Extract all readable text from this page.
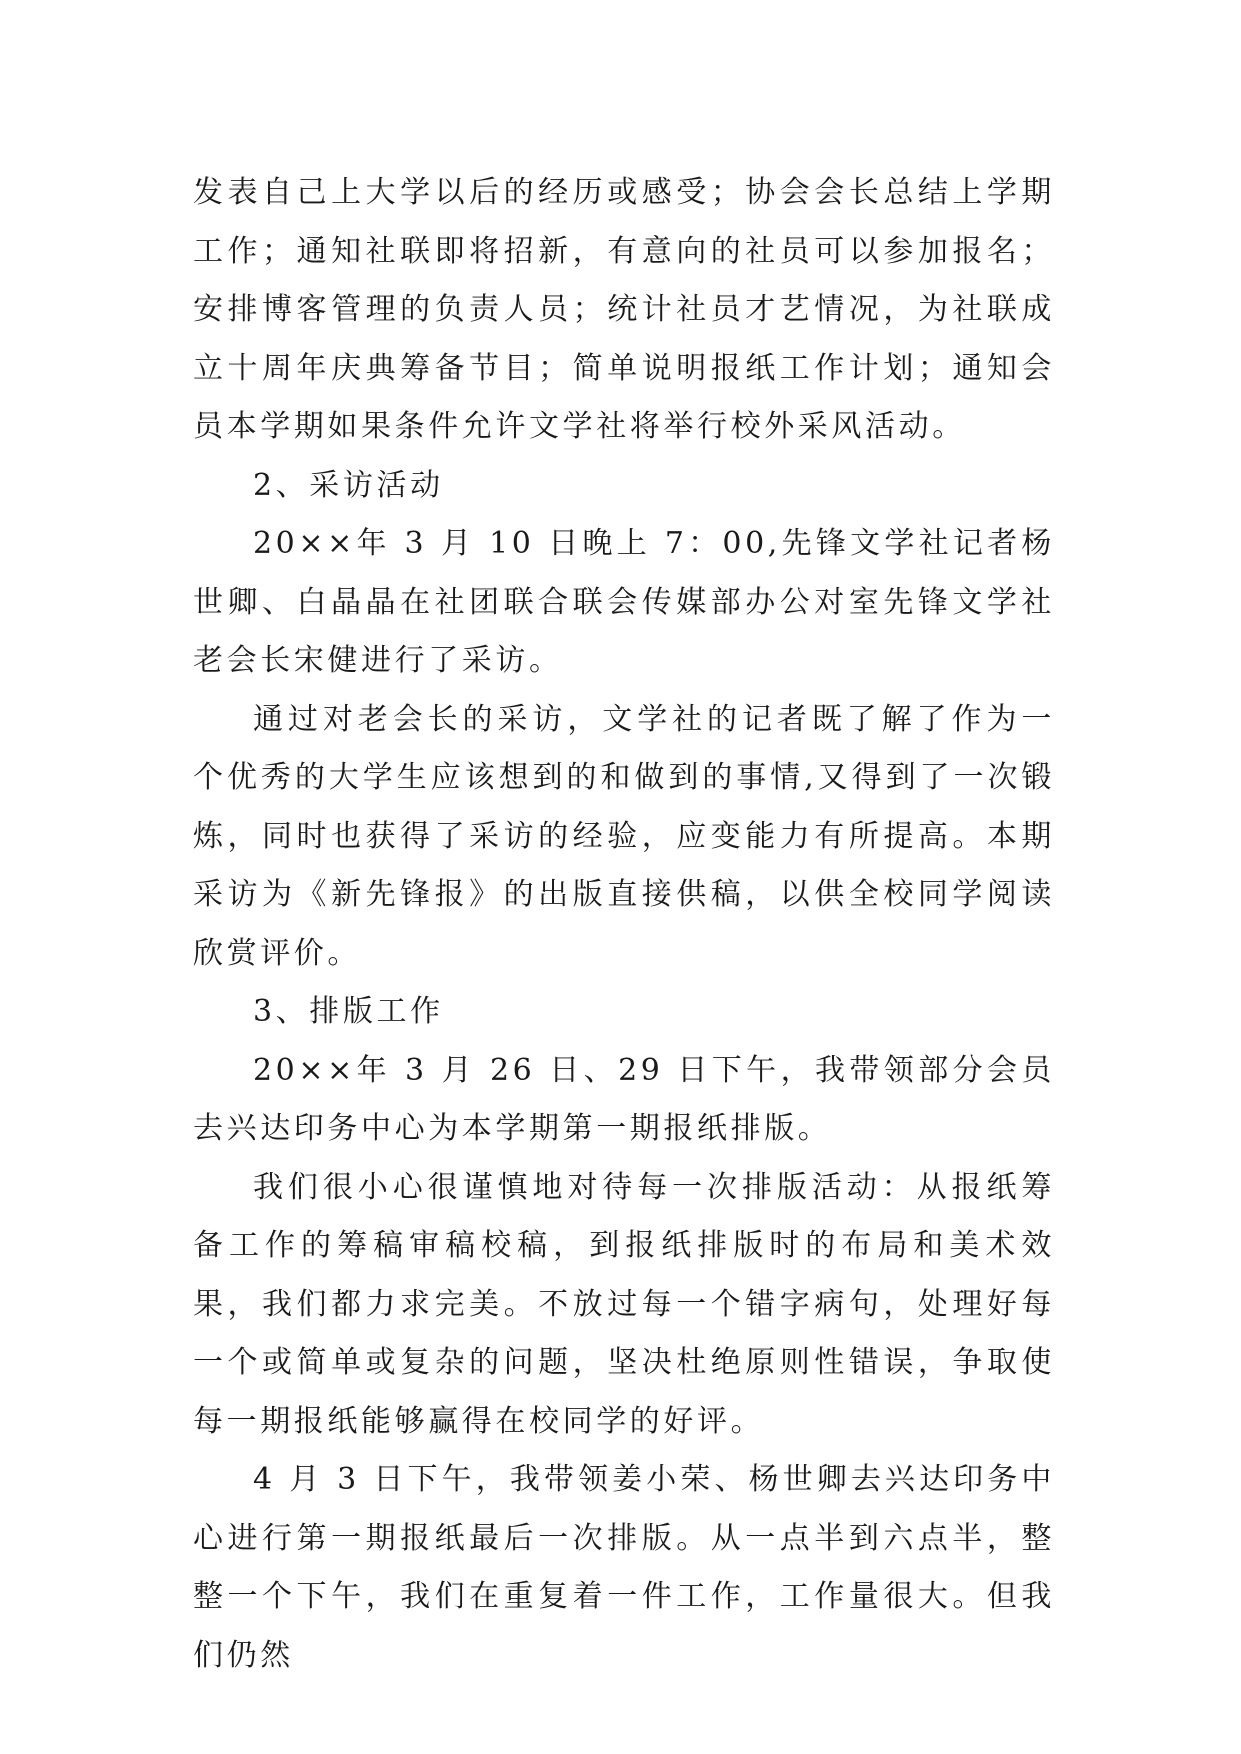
发表自己上大学以后的经历或感受；协会会长总结上学期工作；通知社联即将招新，有意向的社员可以参加报名；安排博客管理的负责人员；统计社员才艺情况，为社联成立十周年庆典筹备节目；简单说明报纸工作计划；通知会员本学期如果条件允许文学社将举行校外采风活动。

2、采访活动

20××年 3 月 10 日晚上 7：00,先锋文学社记者杨世卿、白晶晶在社团联合联会传媒部办公对室先锋文学社老会长宋健进行了采访。

通过对老会长的采访，文学社的记者既了解了作为一个优秀的大学生应该想到的和做到的事情,又得到了一次锻炼，同时也获得了采访的经验，应变能力有所提高。本期采访为《新先锋报》的出版直接供稿，以供全校同学阅读欣赏评价。

3、排版工作

20××年 3 月 26 日、29 日下午，我带领部分会员去兴达印务中心为本学期第一期报纸排版。

我们很小心很谨慎地对待每一次排版活动：从报纸筹备工作的筹稿审稿校稿，到报纸排版时的布局和美术效果，我们都力求完美。不放过每一个错字病句，处理好每一个或简单或复杂的问题，坚决杜绝原则性错误，争取使每一期报纸能够赢得在校同学的好评。

4 月 3 日下午，我带领姜小荣、杨世卿去兴达印务中心进行第一期报纸最后一次排版。从一点半到六点半，整整一个下午，我们在重复着一件工作，工作量很大。但我们仍然
